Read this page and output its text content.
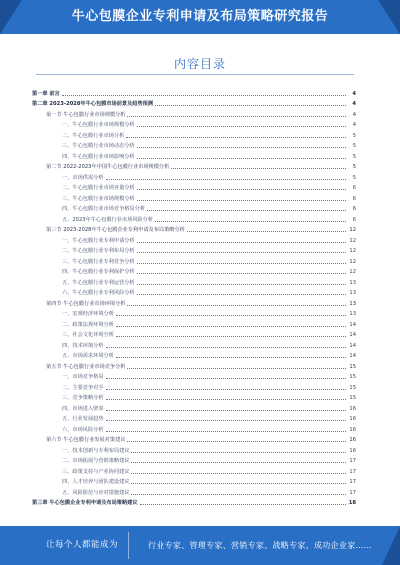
牛心包膜企业专利申请及布局策略研究报告
内容目录
第一章 前言	4
第二章 2023-2028年牛心包膜市场前景及趋势预测	4
第一节 牛心包膜行业市场规模分析	4
一、牛心包膜行业市场规模分析	4
二、牛心包膜行业市场分析	5
三、牛心包膜行业市场动态分析	5
四、牛心包膜行业市场影响分析	5
第二节 2022-2023年中国牛心包膜行业市场规模分析	5
一、市场供需分析	5
二、牛心包膜行业市场容量分析	6
三、牛心包膜行业市场规模分析	6
四、牛心包膜行业市场竞争格局分析	6
五、2023年牛心包膜行业市场风险分析	6
第三节 2023-2028年牛心包膜企业专利申请及布局策略分析	12
一、牛心包膜行业专利申请分析	12
二、牛心包膜行业专利布局分析	12
三、牛心包膜行业专利竞争分析	12
四、牛心包膜行业专利保护分析	12
五、牛心包膜行业专利运营分析	13
六、牛心包膜行业专利风险分析	13
第四节 牛心包膜行业市场环境分析	13
一、宏观经济环境分析	13
二、政策法规环境分析	14
三、社会文化环境分析	14
四、技术环境分析	14
五、市场需求环境分析	14
第五节 牛心包膜行业市场竞争分析	15
一、市场竞争格局	15
二、主要竞争对手	15
三、竞争策略分析	15
四、市场进入壁垒	16
五、行业发展趋势	16
六、市场风险分析	16
第六节 牛心包膜行业发展对策建议	16
一、技术创新与专利布局建议	16
二、市场拓展与营销策略建议	17
三、政策支持与产业协同建议	17
四、人才培养与团队建设建议	17
五、风险防范与应对措施建议	17
第三章 牛心包膜企业专利申请及布局策略建议	18
让每个人都能成为	行业专家、管理专家、营销专家、战略专家、成功企业家……
